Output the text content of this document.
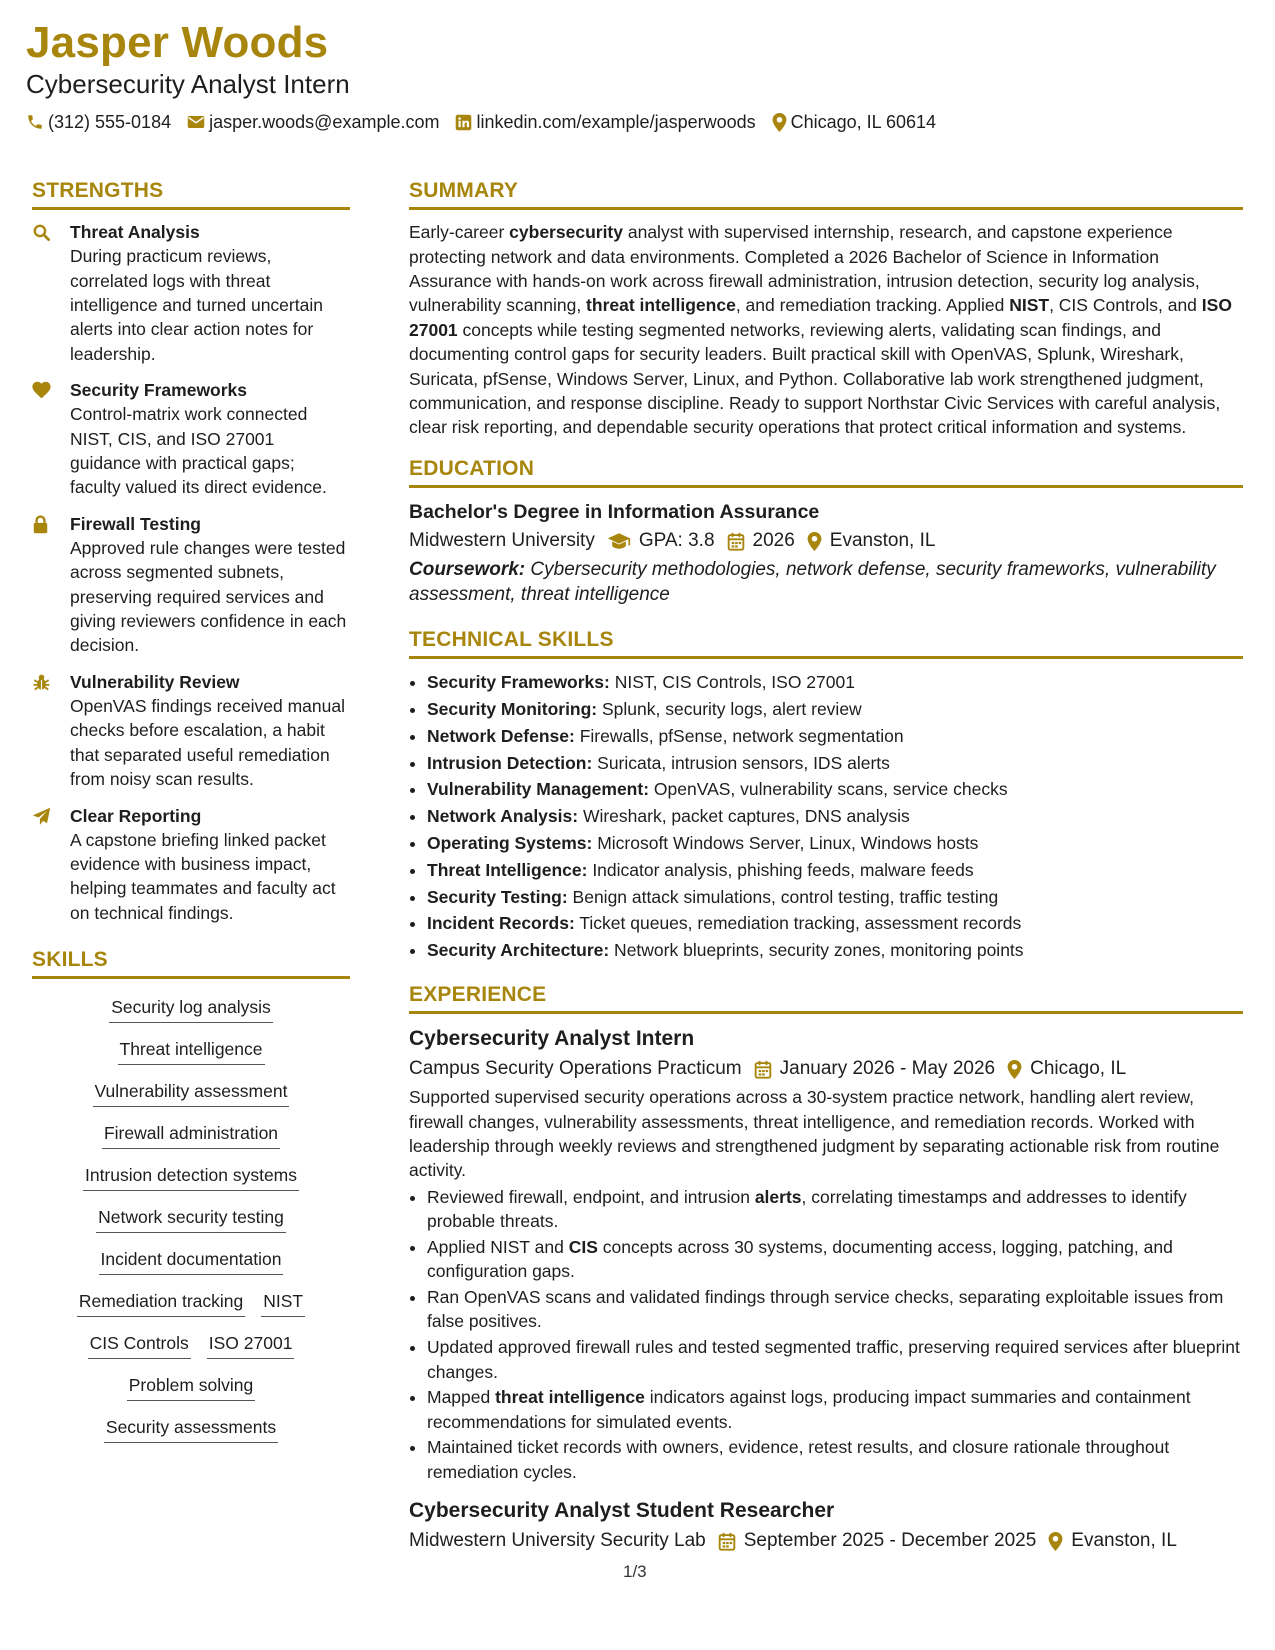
Jasper Woods
Cybersecurity Analyst Intern
(312) 555-0184 jasper.woods@example.com linkedin.com/example/jasperwoods Chicago, IL 60614
STRENGTHS
Threat Analysis
During practicum reviews, correlated logs with threat intelligence and turned uncertain alerts into clear action notes for leadership.
Security Frameworks
Control-matrix work connected NIST, CIS, and ISO 27001 guidance with practical gaps; faculty valued its direct evidence.
Firewall Testing
Approved rule changes were tested across segmented subnets, preserving required services and giving reviewers confidence in each decision.
Vulnerability Review
OpenVAS findings received manual checks before escalation, a habit that separated useful remediation from noisy scan results.
Clear Reporting
A capstone briefing linked packet evidence with business impact, helping teammates and faculty act on technical findings.
SKILLS
Security log analysis
Threat intelligence
Vulnerability assessment
Firewall administration
Intrusion detection systems
Network security testing
Incident documentation
Remediation tracking NIST
CIS Controls ISO 27001
Problem solving
Security assessments
SUMMARY
Early-career cybersecurity analyst with supervised internship, research, and capstone experience protecting network and data environments. Completed a 2026 Bachelor of Science in Information Assurance with hands-on work across firewall administration, intrusion detection, security log analysis, vulnerability scanning, threat intelligence, and remediation tracking. Applied NIST, CIS Controls, and ISO 27001 concepts while testing segmented networks, reviewing alerts, validating scan findings, and documenting control gaps for security leaders. Built practical skill with OpenVAS, Splunk, Wireshark, Suricata, pfSense, Windows Server, Linux, and Python. Collaborative lab work strengthened judgment, communication, and response discipline. Ready to support Northstar Civic Services with careful analysis, clear risk reporting, and dependable security operations that protect critical information and systems.
EDUCATION
Bachelor's Degree in Information Assurance
Midwestern University GPA: 3.8 2026 Evanston, IL
Coursework: Cybersecurity methodologies, network defense, security frameworks, vulnerability assessment, threat intelligence
TECHNICAL SKILLS
• Security Frameworks: NIST, CIS Controls, ISO 27001
• Security Monitoring: Splunk, security logs, alert review
• Network Defense: Firewalls, pfSense, network segmentation
• Intrusion Detection: Suricata, intrusion sensors, IDS alerts
• Vulnerability Management: OpenVAS, vulnerability scans, service checks
• Network Analysis: Wireshark, packet captures, DNS analysis
• Operating Systems: Microsoft Windows Server, Linux, Windows hosts
• Threat Intelligence: Indicator analysis, phishing feeds, malware feeds
• Security Testing: Benign attack simulations, control testing, traffic testing
• Incident Records: Ticket queues, remediation tracking, assessment records
• Security Architecture: Network blueprints, security zones, monitoring points
EXPERIENCE
Cybersecurity Analyst Intern
Campus Security Operations Practicum January 2026 - May 2026 Chicago, IL
Supported supervised security operations across a 30-system practice network, handling alert review, firewall changes, vulnerability assessments, threat intelligence, and remediation records. Worked with leadership through weekly reviews and strengthened judgment by separating actionable risk from routine activity.
• Reviewed firewall, endpoint, and intrusion alerts, correlating timestamps and addresses to identify probable threats.
• Applied NIST and CIS concepts across 30 systems, documenting access, logging, patching, and configuration gaps.
• Ran OpenVAS scans and validated findings through service checks, separating exploitable issues from false positives.
• Updated approved firewall rules and tested segmented traffic, preserving required services after blueprint changes.
• Mapped threat intelligence indicators against logs, producing impact summaries and containment recommendations for simulated events.
• Maintained ticket records with owners, evidence, retest results, and closure rationale throughout remediation cycles.
Cybersecurity Analyst Student Researcher
Midwestern University Security Lab September 2025 - December 2025 Evanston, IL
1/3
